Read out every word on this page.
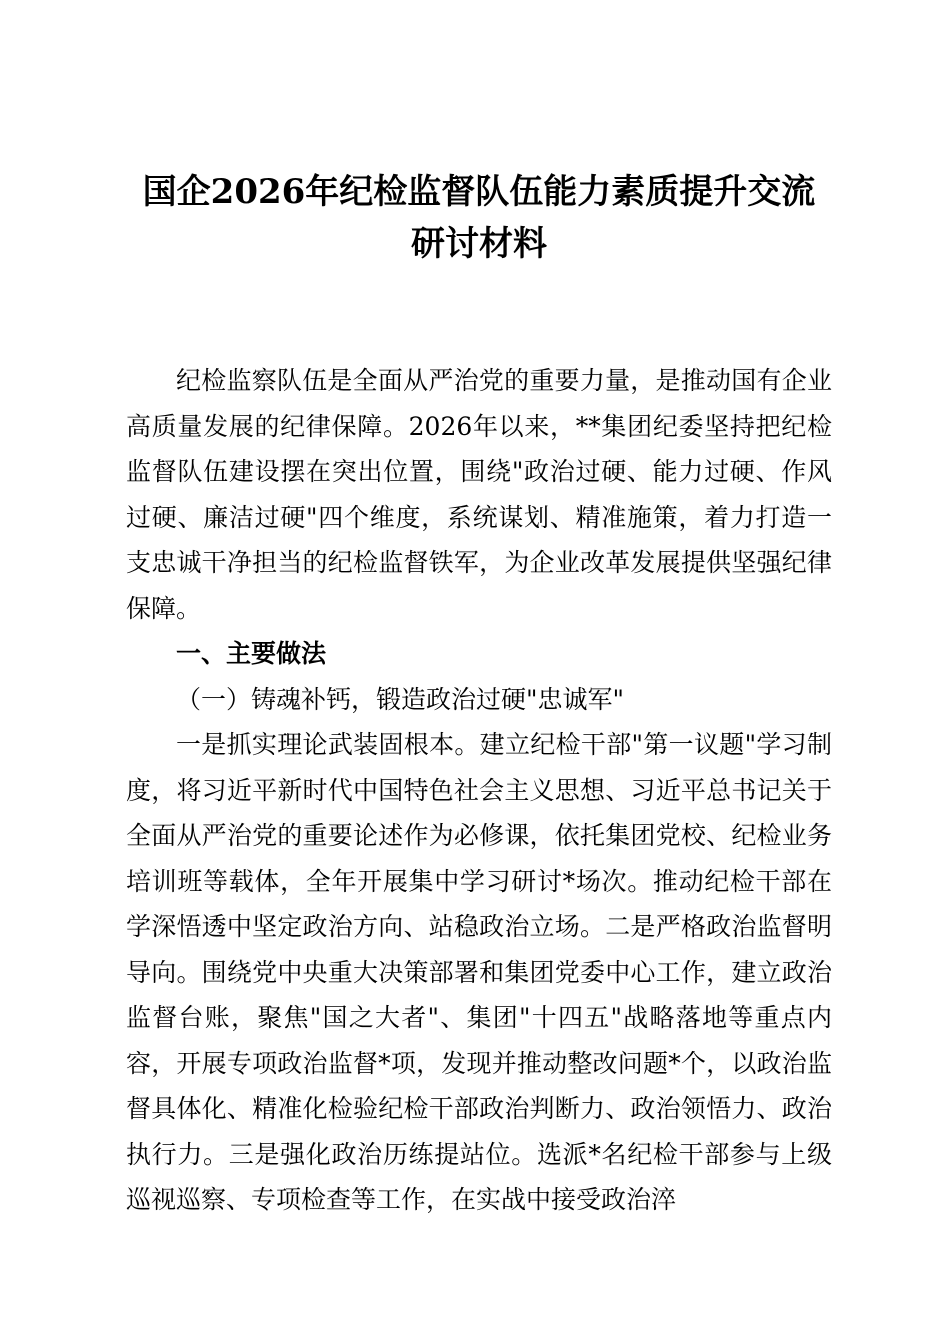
国企2026年纪检监督队伍能力素质提升交流
研讨材料

纪检监察队伍是全面从严治党的重要力量，是推动国有企业高质量发展的纪律保障。2026年以来，**集团纪委坚持把纪检监督队伍建设摆在突出位置，围绕"政治过硬、能力过硬、作风过硬、廉洁过硬"四个维度，系统谋划、精准施策，着力打造一支忠诚干净担当的纪检监督铁军，为企业改革发展提供坚强纪律保障。

一、主要做法

（一）铸魂补钙，锻造政治过硬"忠诚军"

一是抓实理论武装固根本。建立纪检干部"第一议题"学习制度，将习近平新时代中国特色社会主义思想、习近平总书记关于全面从严治党的重要论述作为必修课，依托集团党校、纪检业务培训班等载体，全年开展集中学习研讨*场次。推动纪检干部在学深悟透中坚定政治方向、站稳政治立场。二是严格政治监督明导向。围绕党中央重大决策部署和集团党委中心工作，建立政治监督台账，聚焦"国之大者"、集团"十四五"战略落地等重点内容，开展专项政治监督*项，发现并推动整改问题*个，以政治监督具体化、精准化检验纪检干部政治判断力、政治领悟力、政治执行力。三是强化政治历练提站位。选派*名纪检干部参与上级巡视巡察、专项检查等工作，在实战中接受政治淬
